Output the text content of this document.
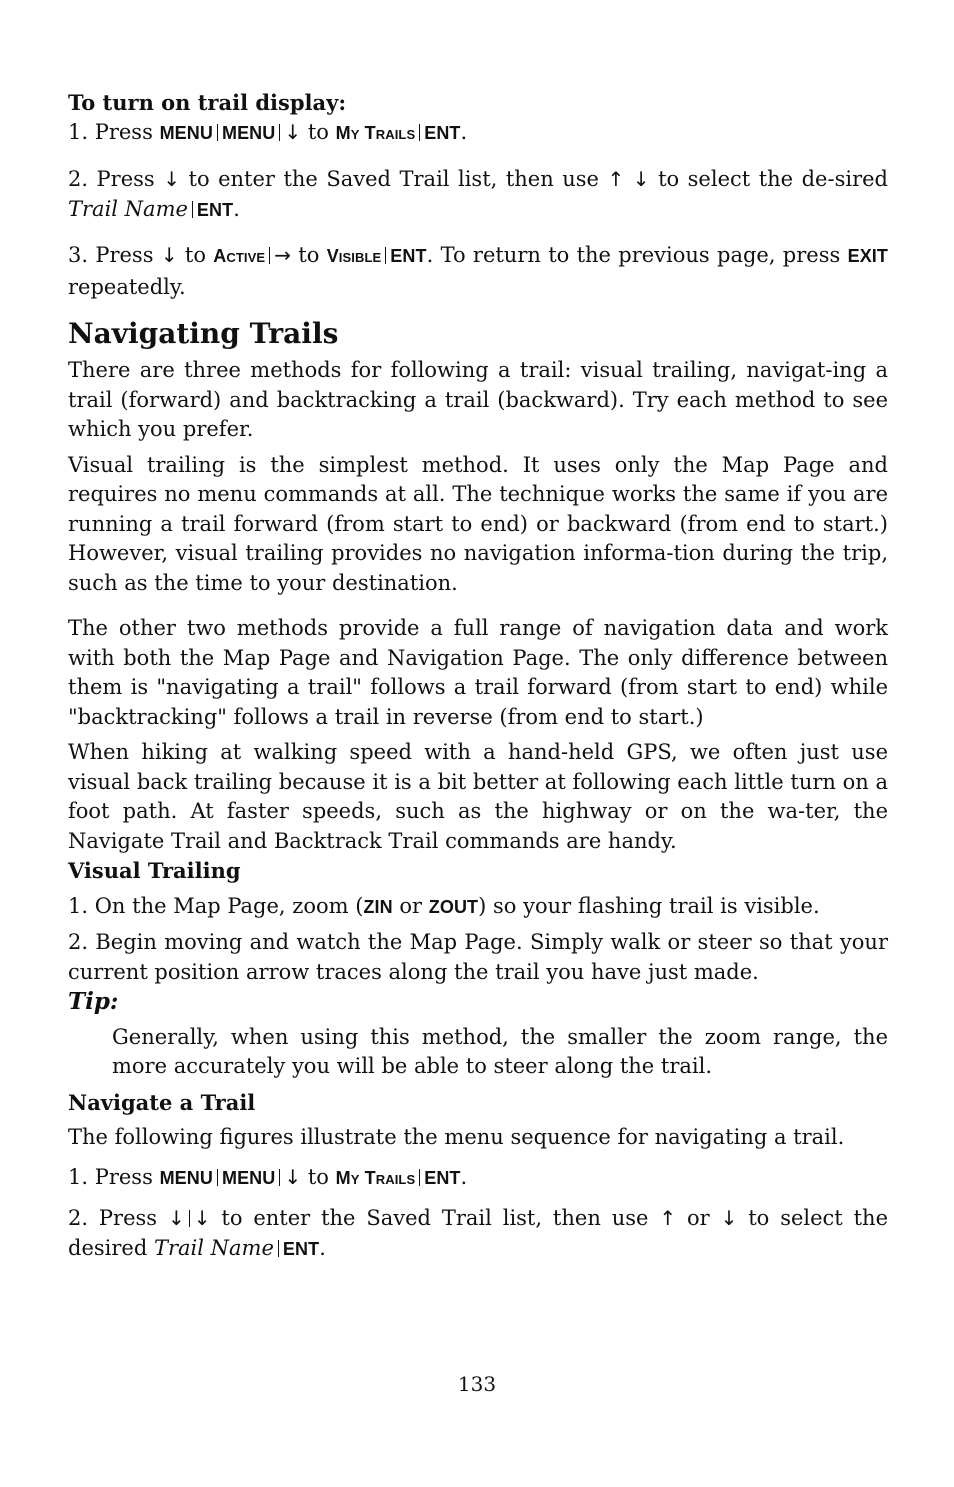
To turn on trail display:

1. Press MENU MENU ↓ to MY TRAILS ENT.

2. Press ↓ to enter the Saved Trail list, then use ↑ ↓ to select the de-sired Trail Name ENT.

3. Press ↓ to ACTIVE → to VISIBLE ENT. To return to the previous page, press EXIT repeatedly.

Navigating Trails

There are three methods for following a trail: visual trailing, navigat-ing a trail (forward) and backtracking a trail (backward). Try each method to see which you prefer.

Visual trailing is the simplest method. It uses only the Map Page and requires no menu commands at all. The technique works the same if you are running a trail forward (from start to end) or backward (from end to start.) However, visual trailing provides no navigation informa-tion during the trip, such as the time to your destination.

The other two methods provide a full range of navigation data and work with both the Map Page and Navigation Page. The only difference between them is "navigating a trail" follows a trail forward (from start to end) while "backtracking" follows a trail in reverse (from end to start.)

When hiking at walking speed with a hand-held GPS, we often just use visual back trailing because it is a bit better at following each little turn on a foot path. At faster speeds, such as the highway or on the wa-ter, the Navigate Trail and Backtrack Trail commands are handy.

Visual Trailing

1. On the Map Page, zoom (ZIN or ZOUT) so your flashing trail is visible.

2. Begin moving and watch the Map Page. Simply walk or steer so that your current position arrow traces along the trail you have just made.

Tip:

Generally, when using this method, the smaller the zoom range, the more accurately you will be able to steer along the trail.

Navigate a Trail

The following figures illustrate the menu sequence for navigating a trail.

1. Press MENU MENU ↓ to MY TRAILS ENT.

2. Press ↓ ↓ to enter the Saved Trail list, then use ↑ or ↓ to select the desired Trail Name ENT.

133
